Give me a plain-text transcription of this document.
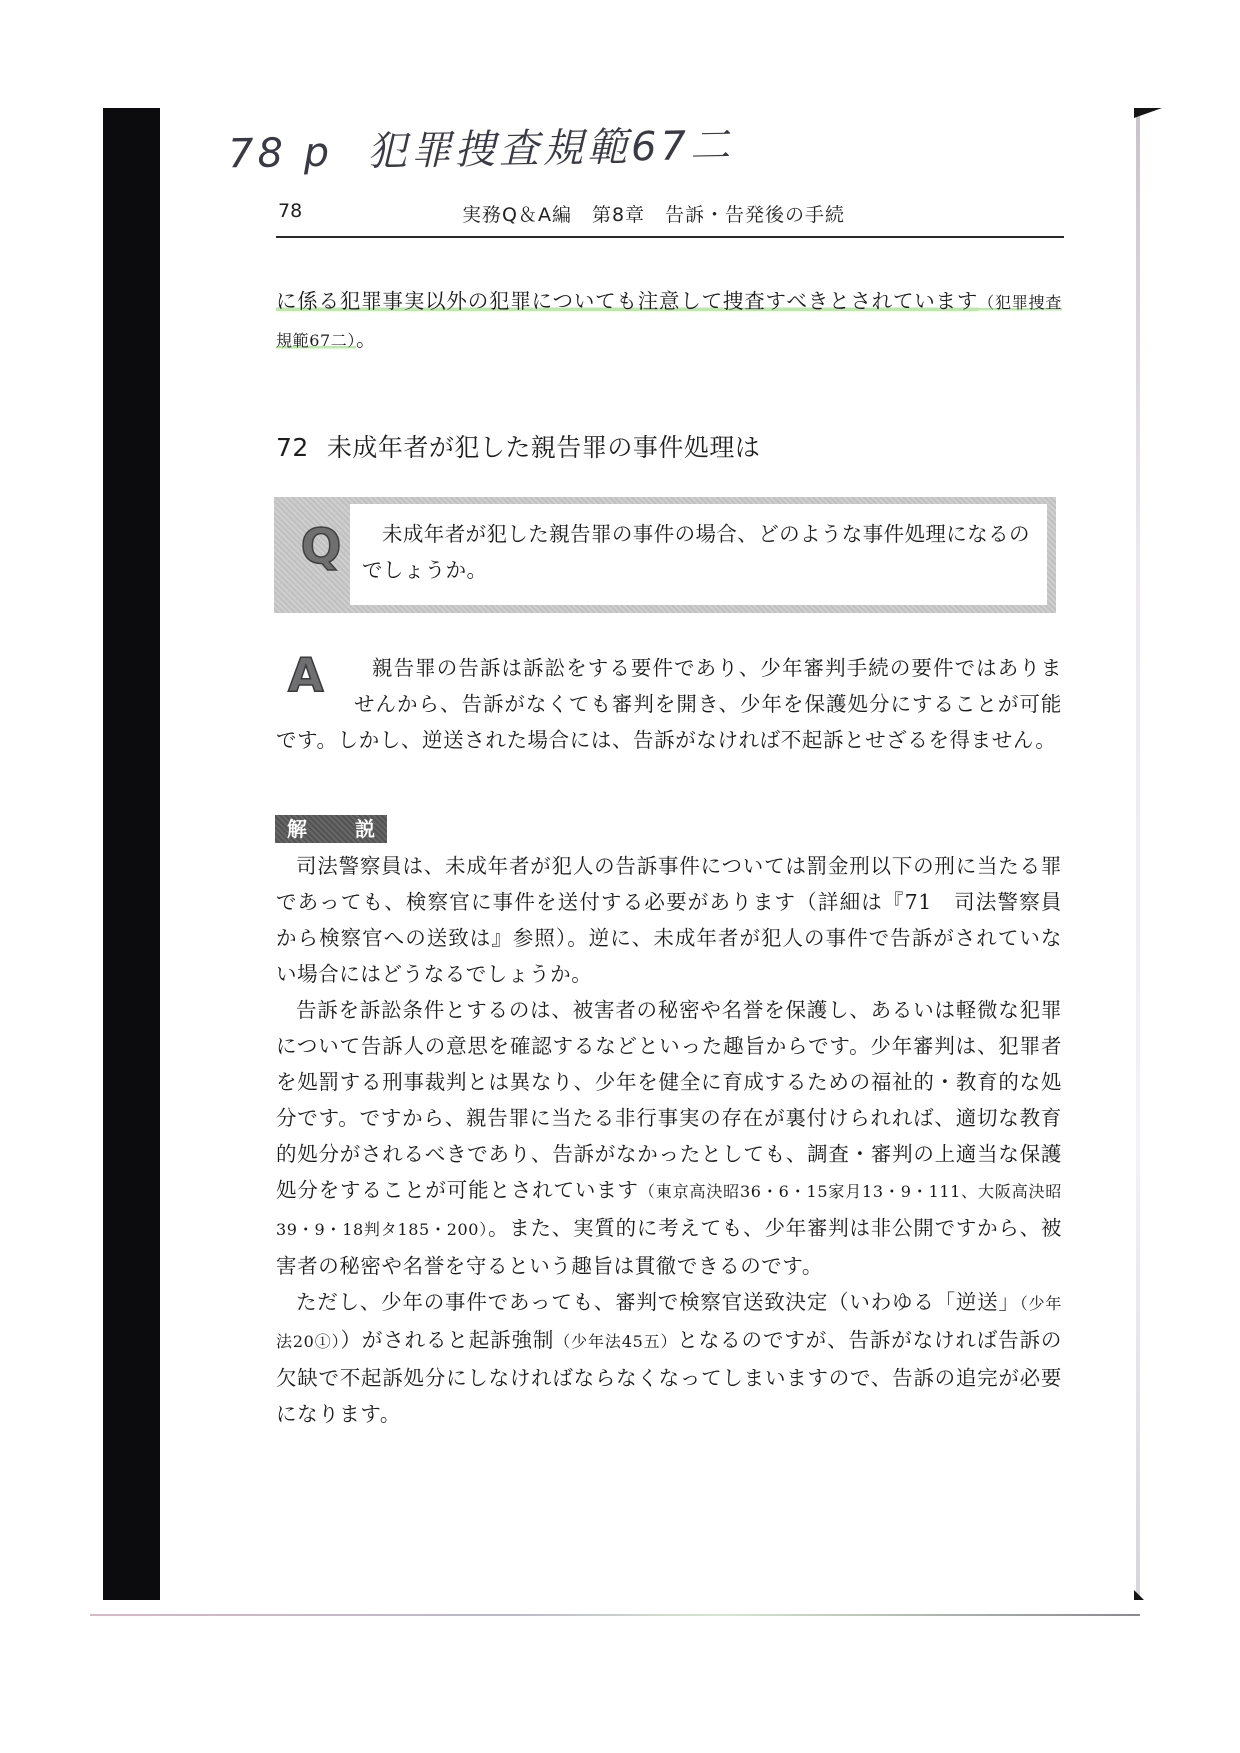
78 p 犯罪捜査規範67二
78	実務Q＆A編　第8章　告訴・告発後の手続
に係る犯罪事実以外の犯罪についても注意して捜査すべきとされています（犯罪捜査規範67二）。
72 未成年者が犯した親告罪の事件処理は
Q	未成年者が犯した親告罪の事件の場合、どのような事件処理になるのでしょうか。
A	親告罪の告訴は訴訟をする要件であり、少年審判手続の要件ではありませんから、告訴がなくても審判を開き、少年を保護処分にすることが可能です。しかし、逆送された場合には、告訴がなければ不起訴とせざるを得ません。
解 説

司法警察員は、未成年者が犯人の告訴事件については罰金刑以下の刑に当たる罪であっても、検察官に事件を送付する必要があります（詳細は『71　司法警察員から検察官への送致は』参照）。逆に、未成年者が犯人の事件で告訴がされていない場合にはどうなるでしょうか。

告訴を訴訟条件とするのは、被害者の秘密や名誉を保護し、あるいは軽微な犯罪について告訴人の意思を確認するなどといった趣旨からです。少年審判は、犯罪者を処罰する刑事裁判とは異なり、少年を健全に育成するための福祉的・教育的な処分です。ですから、親告罪に当たる非行事実の存在が裏付けられれば、適切な教育的処分がされるべきであり、告訴がなかったとしても、調査・審判の上適当な保護処分をすることが可能とされています（東京高決昭36・6・15家月13・9・111、大阪高決昭39・9・18判タ185・200）。また、実質的に考えても、少年審判は非公開ですから、被害者の秘密や名誉を守るという趣旨は貫徹できるのです。

ただし、少年の事件であっても、審判で検察官送致決定（いわゆる「逆送」（少年法20①））がされると起訴強制（少年法45五）となるのですが、告訴がなければ告訴の欠缺で不起訴処分にしなければならなくなってしまいますので、告訴の追完が必要になります。
